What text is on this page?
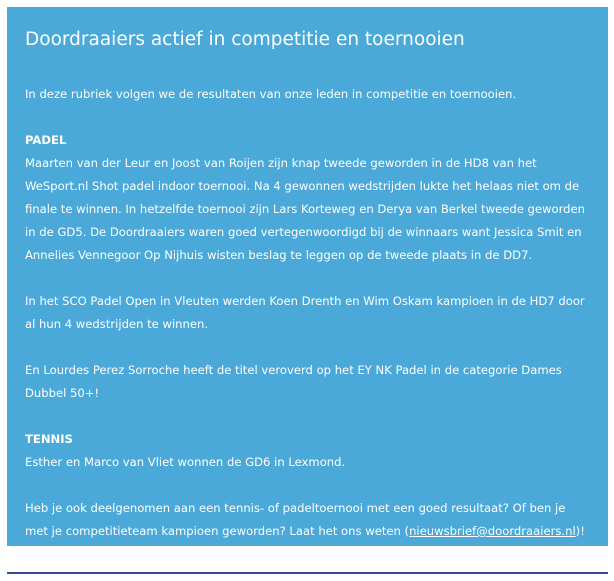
Doordraaiers actief in competitie en toernooien

In deze rubriek volgen we de resultaten van onze leden in competitie en toernooien.

PADEL
Maarten van der Leur en Joost van Roijen zijn knap tweede geworden in de HD8 van het WeSport.nl Shot padel indoor toernooi. Na 4 gewonnen wedstrijden lukte het helaas niet om de finale te winnen. In hetzelfde toernooi zijn Lars Korteweg en Derya van Berkel tweede geworden in de GD5. De Doordraaiers waren goed vertegenwoordigd bij de winnaars want Jessica Smit en Annelies Vennegoor Op Nijhuis wisten beslag te leggen op de tweede plaats in de DD7.

In het SCO Padel Open in Vleuten werden Koen Drenth en Wim Oskam kampioen in de HD7 door al hun 4 wedstrijden te winnen.

En Lourdes Perez Sorroche heeft de titel veroverd op het EY NK Padel in de categorie Dames Dubbel 50+!

TENNIS
Esther en Marco van Vliet wonnen de GD6 in Lexmond.

Heb je ook deelgenomen aan een tennis- of padeltoernooi met een goed resultaat? Of ben je met je competitieteam kampioen geworden? Laat het ons weten (nieuwsbrief@doordraaiers.nl)!
